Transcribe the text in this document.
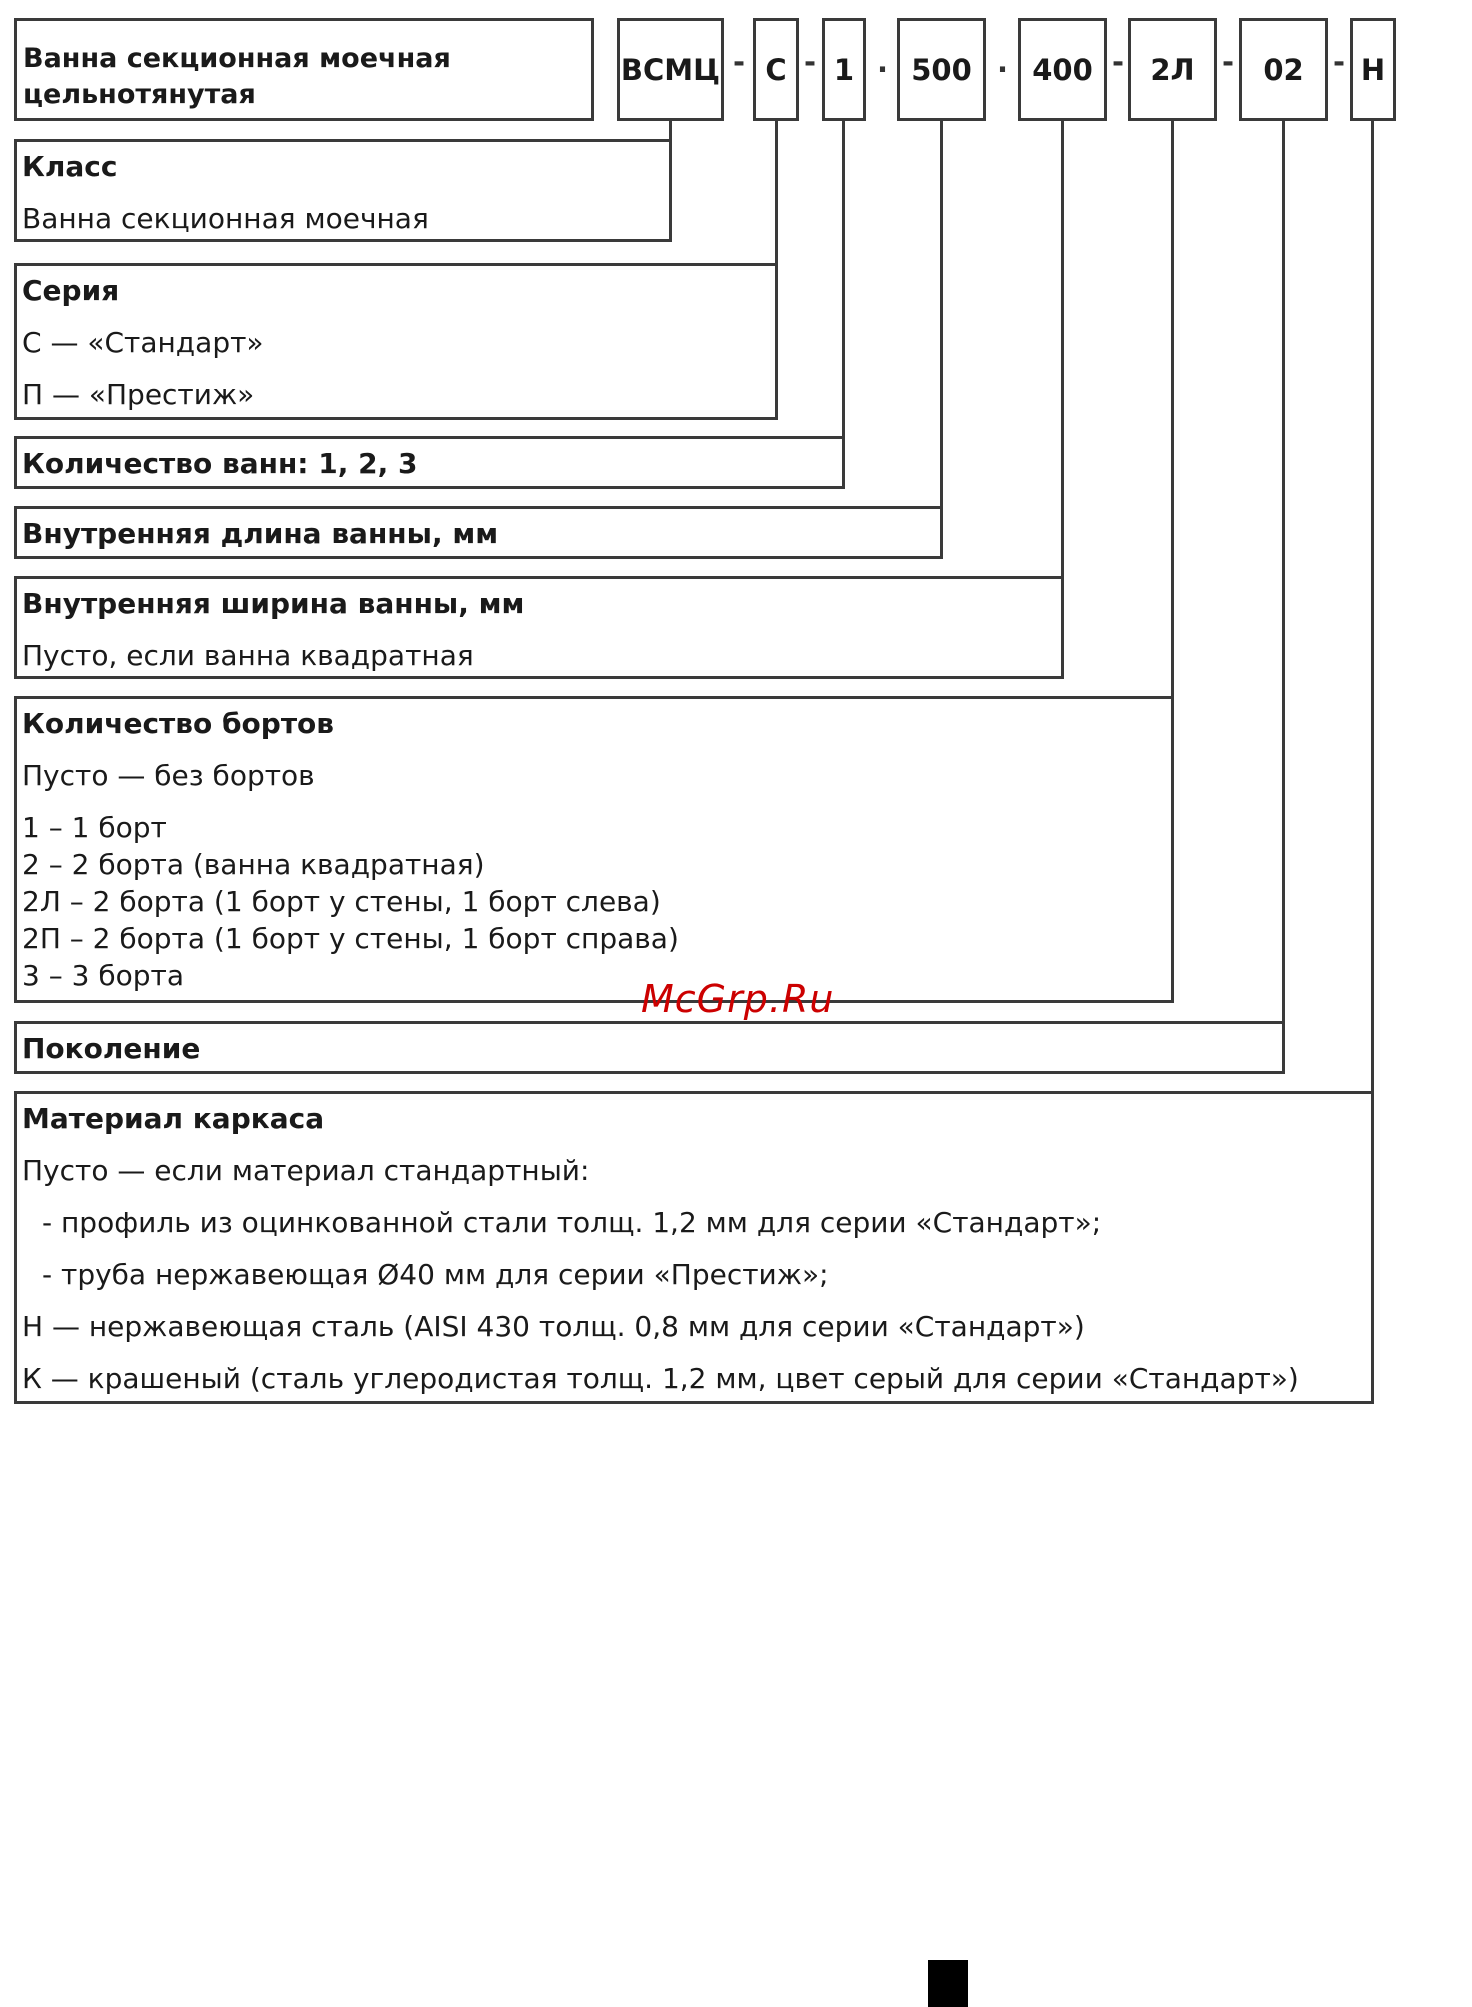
Ванна секционная моечная
цельнотянутая
ВСМЦ - С - 1 . 500 . 400 - 2Л - 02 - Н
Класс
Ванна секционная моечная
Серия
С — «Стандарт»
П — «Престиж»
Количество ванн: 1, 2, 3
Внутренняя длина ванны, мм
Внутренняя ширина ванны, мм
Пусто, если ванна квадратная
Количество бортов
Пусто — без бортов
1 – 1 борт
2 – 2 борта (ванна квадратная)
2Л – 2 борта (1 борт у стены, 1 борт слева)
2П – 2 борта (1 борт у стены, 1 борт справа)
3 – 3 борта
Поколение
Материал каркаса
Пусто — если материал стандартный:
- профиль из оцинкованной стали толщ. 1,2 мм для серии «Стандарт»;
- труба нержавеющая Ø40 мм для серии «Престиж»;
Н — нержавеющая сталь (AISI 430 толщ. 0,8 мм для серии «Стандарт»)
К — крашеный (сталь углеродистая толщ. 1,2 мм, цвет серый для серии «Стандарт»)
McGrp.Ru
